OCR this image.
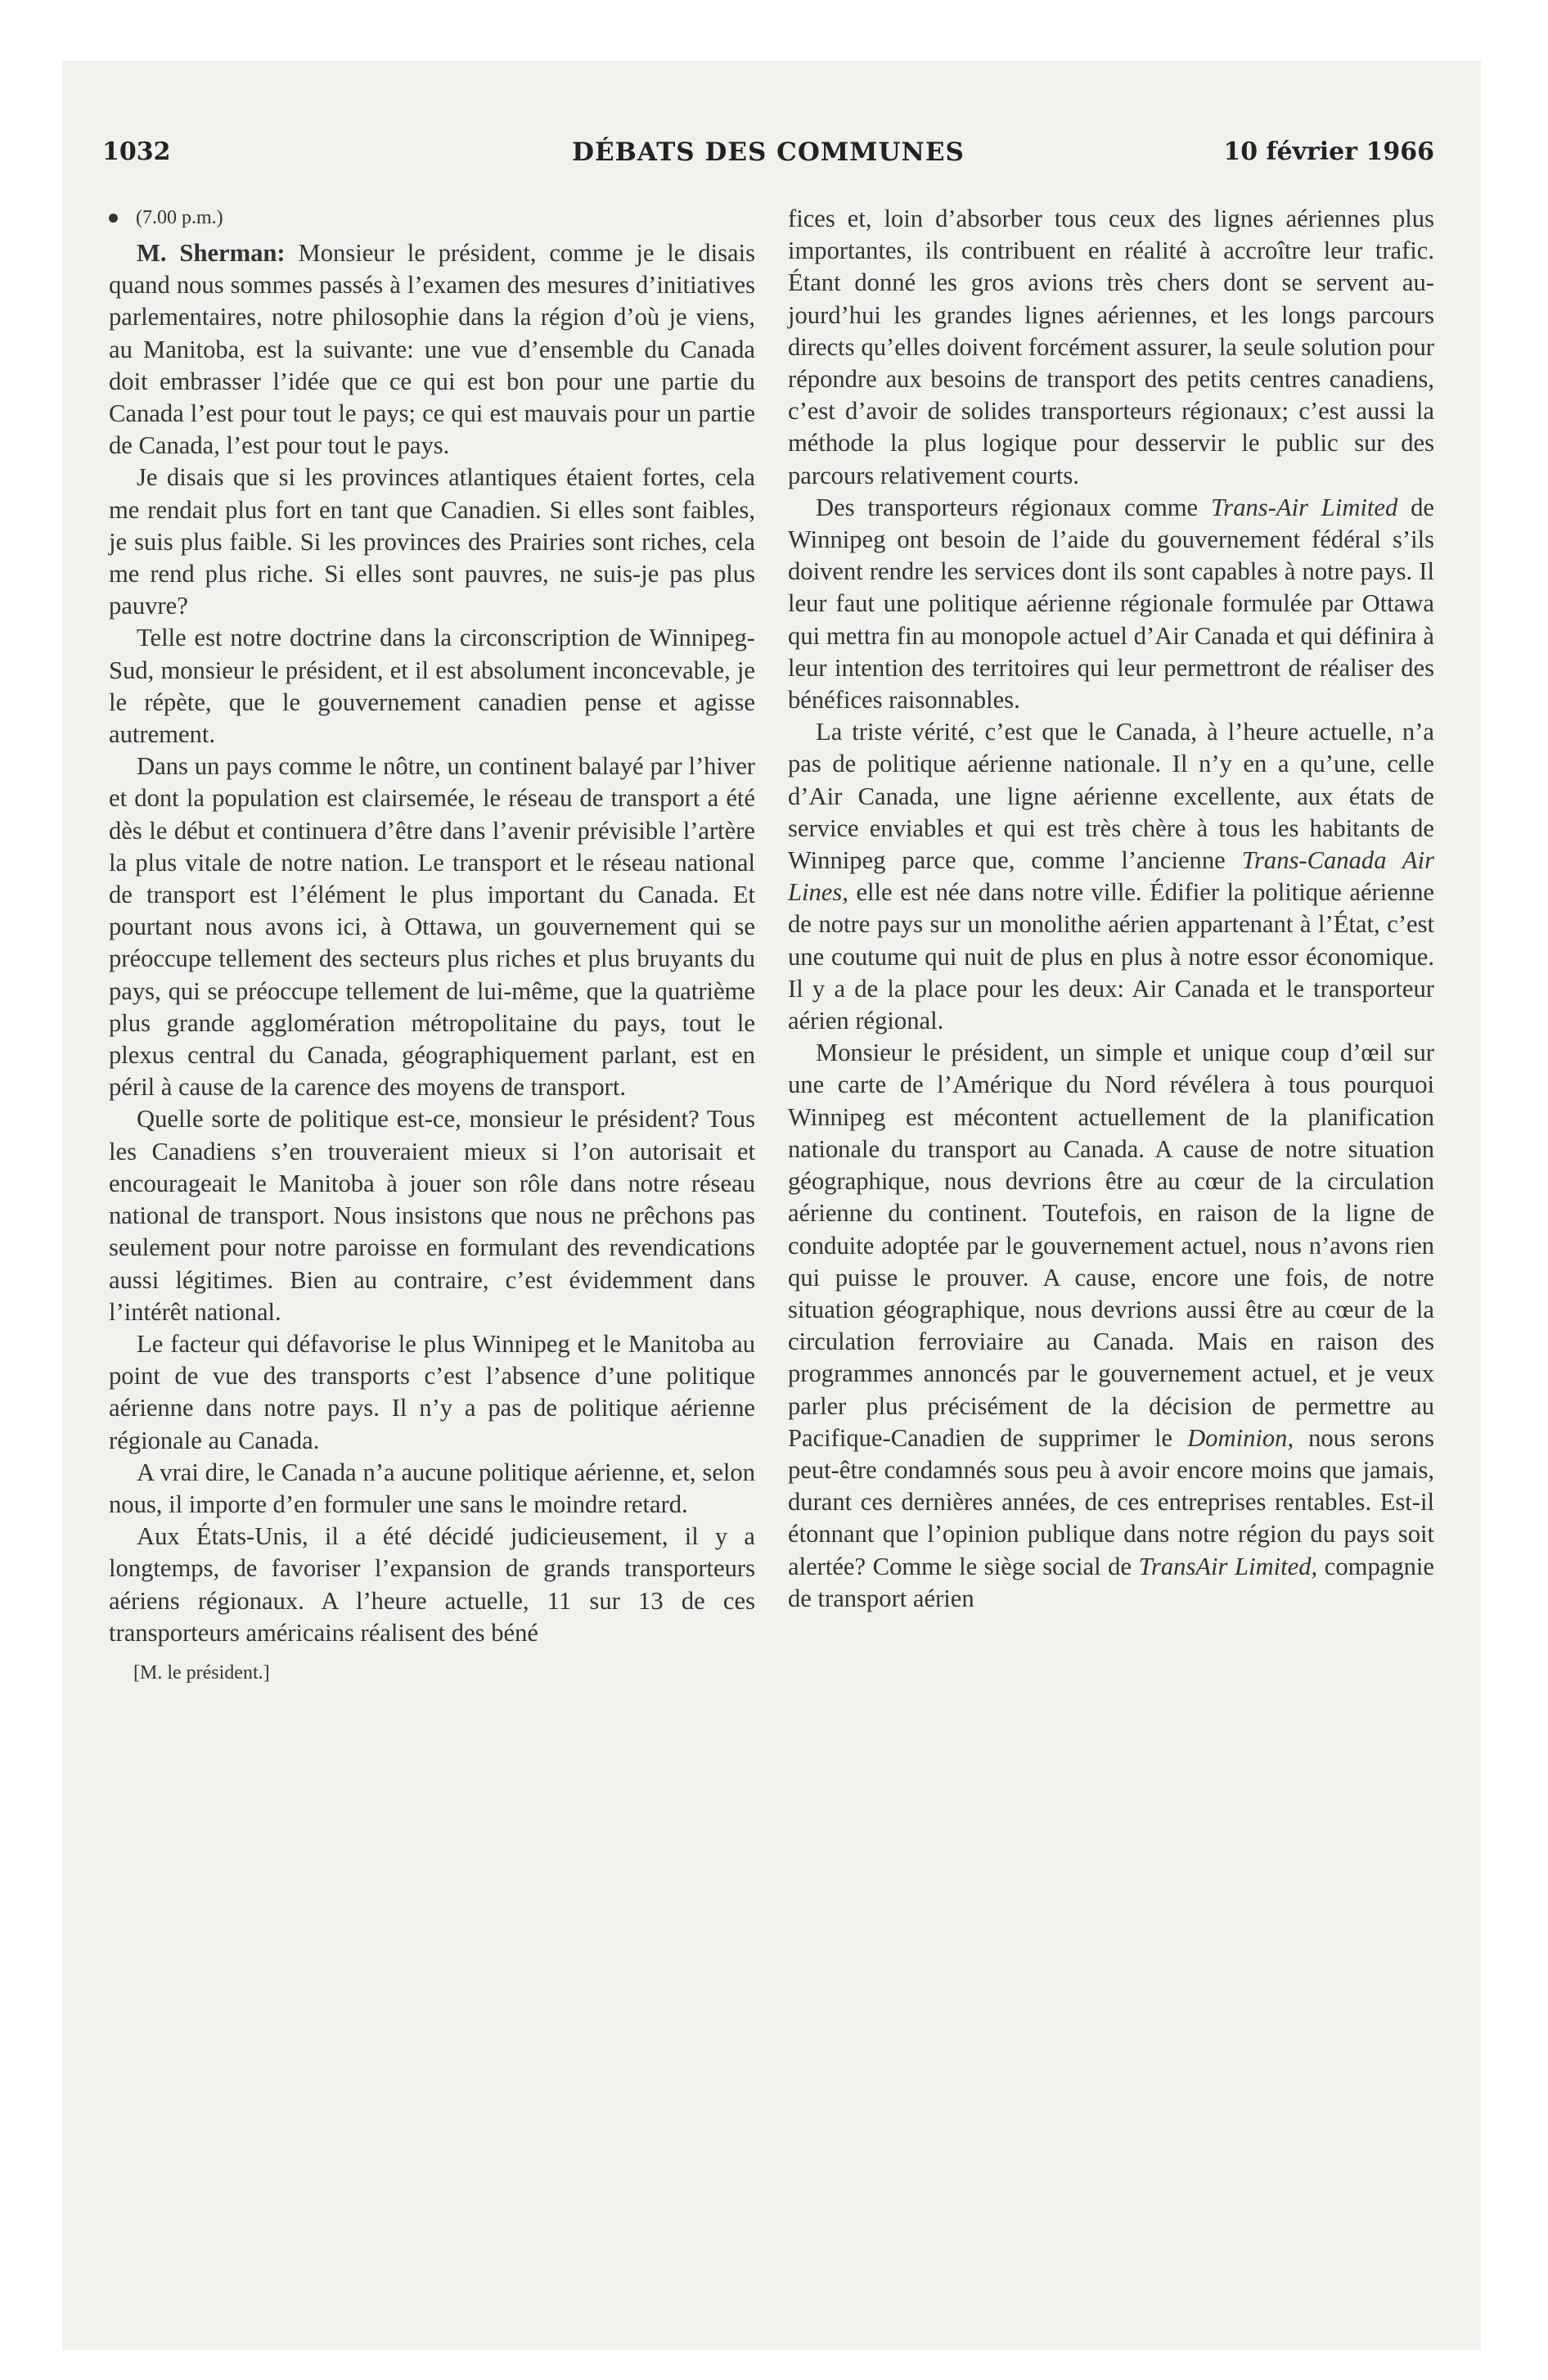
1032	DÉBATS DES COMMUNES	10 février 1966
(7.00 p.m.)

M. Sherman: Monsieur le président, comme je le disais quand nous sommes passés à l’examen des mesures d’initiatives parlementaires, notre philosophie dans la région d’où je viens, au Manitoba, est la suivante: une vue d’ensemble du Canada doit embrasser l’idée que ce qui est bon pour une partie du Canada l’est pour tout le pays; ce qui est mauvais pour un partie de Canada, l’est pour tout le pays.

Je disais que si les provinces atlantiques étaient fortes, cela me rendait plus fort en tant que Canadien. Si elles sont faibles, je suis plus faible. Si les provinces des Prairies sont riches, cela me rend plus riche. Si elles sont pauvres, ne suis-je pas plus pauvre?

Telle est notre doctrine dans la circonscription de Winnipeg-Sud, monsieur le président, et il est absolument inconcevable, je le répète, que le gouvernement canadien pense et agisse autrement.

Dans un pays comme le nôtre, un continent balayé par l’hiver et dont la population est clairsemée, le réseau de transport a été dès le début et continuera d’être dans l’avenir prévisible l’artère la plus vitale de notre nation. Le transport et le réseau national de transport est l’élément le plus important du Canada. Et pourtant nous avons ici, à Ottawa, un gouvernement qui se préoccupe tellement des secteurs plus riches et plus bruyants du pays, qui se préoccupe tellement de lui-même, que la quatrième plus grande agglomération métropolitaine du pays, tout le plexus central du Canada, géographiquement parlant, est en péril à cause de la carence des moyens de transport.

Quelle sorte de politique est-ce, monsieur le président? Tous les Canadiens s’en trouveraient mieux si l’on autorisait et encourageait le Manitoba à jouer son rôle dans notre réseau national de transport. Nous insistons que nous ne prêchons pas seulement pour notre paroisse en formulant des revendications aussi légitimes. Bien au contraire, c’est évidemment dans l’intérêt national.

Le facteur qui défavorise le plus Winnipeg et le Manitoba au point de vue des transports c’est l’absence d’une politique aérienne dans notre pays. Il n’y a pas de politique aérienne régionale au Canada.

A vrai dire, le Canada n’a aucune politique aérienne, et, selon nous, il importe d’en formuler une sans le moindre retard.

Aux États-Unis, il a été décidé judicieusement, il y a longtemps, de favoriser l’expansion de grands transporteurs aériens régionaux. A l’heure actuelle, 11 sur 13 de ces transporteurs américains réalisent des béné

[M. le président.]

fices et, loin d’absorber tous ceux des lignes aériennes plus importantes, ils contribuent en réalité à accroître leur trafic. Étant donné les gros avions très chers dont se servent aujourd’hui les grandes lignes aériennes, et les longs parcours directs qu’elles doivent forcément assurer, la seule solution pour répondre aux besoins de transport des petits centres canadiens, c’est d’avoir de solides transporteurs régionaux; c’est aussi la méthode la plus logique pour desservir le public sur des parcours relativement courts.

Des transporteurs régionaux comme Trans-Air Limited de Winnipeg ont besoin de l’aide du gouvernement fédéral s’ils doivent rendre les services dont ils sont capables à notre pays. Il leur faut une politique aérienne régionale formulée par Ottawa qui mettra fin au monopole actuel d’Air Canada et qui définira à leur intention des territoires qui leur permettront de réaliser des bénéfices raisonnables.

La triste vérité, c’est que le Canada, à l’heure actuelle, n’a pas de politique aérienne nationale. Il n’y en a qu’une, celle d’Air Canada, une ligne aérienne excellente, aux états de service enviables et qui est très chère à tous les habitants de Winnipeg parce que, comme l’ancienne Trans-Canada Air Lines, elle est née dans notre ville. Édifier la politique aérienne de notre pays sur un monolithe aérien appartenant à l’État, c’est une coutume qui nuit de plus en plus à notre essor économique. Il y a de la place pour les deux: Air Canada et le transporteur aérien régional.

Monsieur le président, un simple et unique coup d’œil sur une carte de l’Amérique du Nord révélera à tous pourquoi Winnipeg est mécontent actuellement de la planification nationale du transport au Canada. A cause de notre situation géographique, nous devrions être au cœur de la circulation aérienne du continent. Toutefois, en raison de la ligne de conduite adoptée par le gouvernement actuel, nous n’avons rien qui puisse le prouver. A cause, encore une fois, de notre situation géographique, nous devrions aussi être au cœur de la circulation ferroviaire au Canada. Mais en raison des programmes annoncés par le gouvernement actuel, et je veux parler plus précisément de la décision de permettre au Pacifique-Canadien de supprimer le Dominion, nous serons peut-être condamnés sous peu à avoir encore moins que jamais, durant ces dernières années, de ces entreprises rentables. Est-il étonnant que l’opinion publique dans notre région du pays soit alertée? Comme le siège social de TransAir Limited, compagnie de transport aérien
